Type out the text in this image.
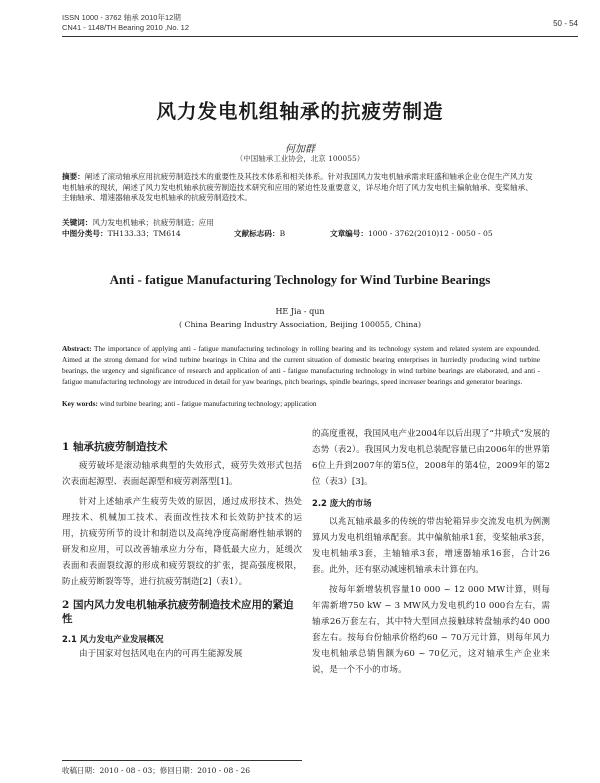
ISSN 1000 - 3762 轴承 2010年12期
CN41 - 1148/TH Bearing 2010 ,No. 12	50 - 54
风力发电机组轴承的抗疲劳制造
何加群
（中国轴承工业协会，北京 100055）
摘要：阐述了滚动轴承应用抗疲劳制造技术的重要性及其技术体系和相关体系。针对我国风力发电机轴承需求旺盛和轴承企业仓促生产风力发电机轴承的现状，阐述了风力发电机轴承抗疲劳制造技术研究和应用的紧迫性及重要意义，详尽地介绍了风力发电机主偏航轴承、变桨轴承、主轴轴承、增速器轴承及发电机轴承的抗疲劳制造技术。
关键词：风力发电机轴承；抗疲劳制造；应用
中图分类号：TH133.33；TM614	文献标志码：B	文章编号：1000 - 3762(2010)12 - 0050 - 05
Anti - fatigue Manufacturing Technology for Wind Turbine Bearings
HE Jia - qun
( China Bearing Industry Association, Beijing 100055, China)
Abstract: The importance of applying anti - fatigue manufacturing technology in rolling bearing and its technology system and related system are expounded. Aimed at the strong demand for wind turbine bearings in China and the current situation of domestic bearing enterprises in hurriedly producing wind turbine bearings, the urgency and significance of research and application of anti - fatigue manufacturing technology in wind turbine bearings are elaborated, and anti - fatigue manufacturing technology are introduced in detail for yaw bearings, pitch bearings, spindle bearings, speed increaser bearings and generator bearings.
Key words: wind turbine bearing; anti - fatigue manufacturing technology; application
1 轴承抗疲劳制造技术
疲劳破坏是滚动轴承典型的失效形式，疲劳失效形式包括次表面起源型、表面起源型和疲劳剥落型[1]。
针对上述轴承产生疲劳失效的原因，通过成形技术、热处理技术、机械加工技术、表面改性技术和长效防护技术的运用，抗疲劳所节的设计和制造以及高纯净度高耐磨性轴承钢的研发和应用，可以改善轴承应力分布，降低最大应力，延缓次表面和表面裂纹源的形成和疲劳裂纹的扩张，提高强度极限，防止疲劳断裂等等，进行抗疲劳制造[2]（表1）。
2 国内风力发电机轴承抗疲劳制造技术应用的紧迫性
2.1 风力发电产业发展概况
由于国家对包括风电在内的可再生能源发展
的高度重视，我国风电产业2004年以后出现了“井喷式”发展的态势（表2）。我国风力发电机总装配容量已由2006年的世界第6位上升到2007年的第5位，2008年的第4位，2009年的第2位（表3）[3]。
2.2 庞大的市场
以兆瓦轴承最多的传统的带齿轮箱异步交流发电机为例测算风力发电机组轴承配套。其中偏航轴承1套，变桨轴承3套，发电机轴承3套，主轴轴承3套，增速器轴承16套，合计26套。此外，还有驱动减速机轴承未计算在内。
按每年新增装机容量10 000 ~ 12 000 MW计算，则每年需新增750 kW ~ 3 MW风力发电机约10 000台左右，需轴承26万套左右，其中特大型回点接触球转盘轴承约40 000套左右。按每台份轴承价格约60 ~ 70万元计算，则每年风力发电机轴承总销售额为60 ~ 70亿元，这对轴承生产企业来说，是一个不小的市场。
收稿日期：2010 - 08 - 03；修回日期：2010 - 08 - 26
